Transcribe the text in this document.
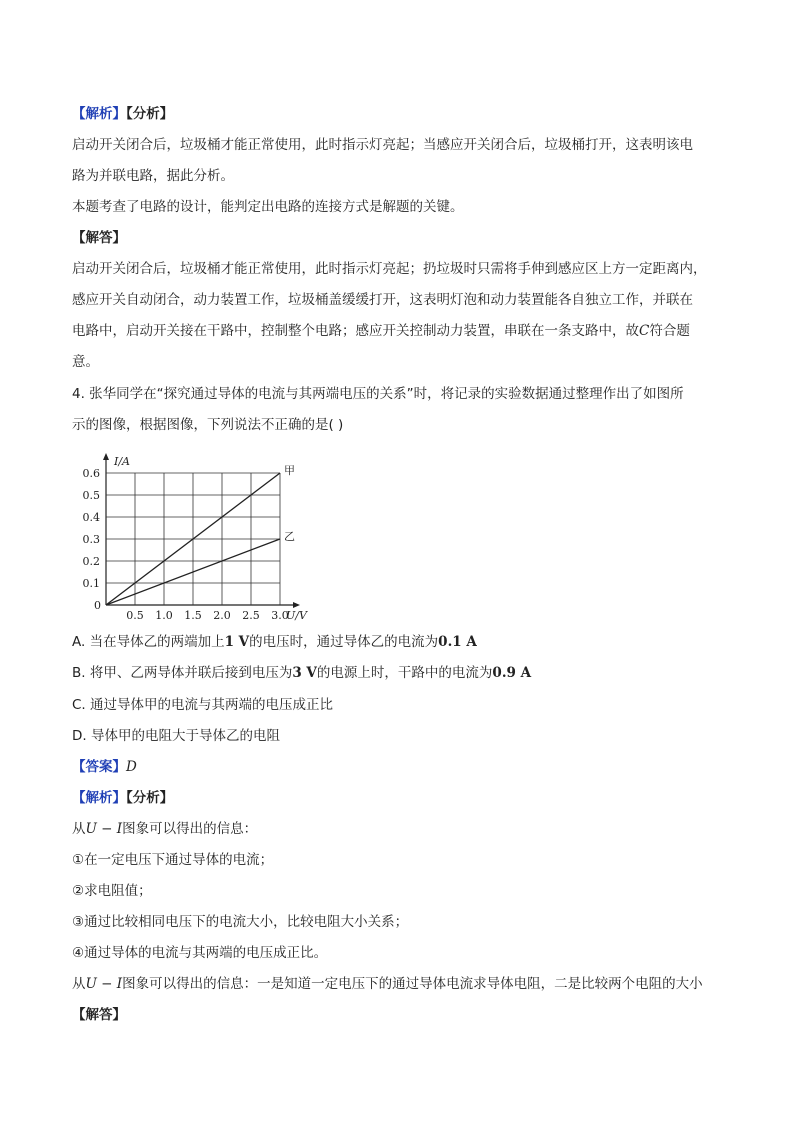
【解析】【分析】
启动开关闭合后，垃圾桶才能正常使用，此时指示灯亮起；当感应开关闭合后，垃圾桶打开，这表明该电
路为并联电路，据此分析。
本题考查了电路的设计，能判定出电路的连接方式是解题的关键。
【解答】
启动开关闭合后，垃圾桶才能正常使用，此时指示灯亮起；扔垃圾时只需将手伸到感应区上方一定距离内，
感应开关自动闭合，动力装置工作，垃圾桶盖缓缓打开，这表明灯泡和动力装置能各自独立工作，并联在
电路中，启动开关接在干路中，控制整个电路；感应开关控制动力装置，串联在一条支路中，故C符合题
意。
4. 张华同学在“探究通过导体的电流与其两端电压的关系”时，将记录的实验数据通过整理作出了如图所
示的图像，根据图像，下列说法不正确的是( )
甲
乙
0.5 1.0 1.5 2.0 2.5 3.0
0.1
0.2
0.3
0.4
0.5
0.6
I/A
U/V
0
A. 当在导体乙的两端加上1 V的电压时，通过导体乙的电流为0.1 A
B. 将甲、乙两导体并联后接到电压为3 V的电源上时，干路中的电流为0.9 A
C. 通过导体甲的电流与其两端的电压成正比
D. 导体甲的电阻大于导体乙的电阻
【答案】D
【解析】【分析】
从U − I图象可以得出的信息：
①在一定电压下通过导体的电流；
②求电阻值；
③通过比较相同电压下的电流大小，比较电阻大小关系；
④通过导体的电流与其两端的电压成正比。
从U − I图象可以得出的信息：一是知道一定电压下的通过导体电流求导体电阻，二是比较两个电阻的大小
【解答】
